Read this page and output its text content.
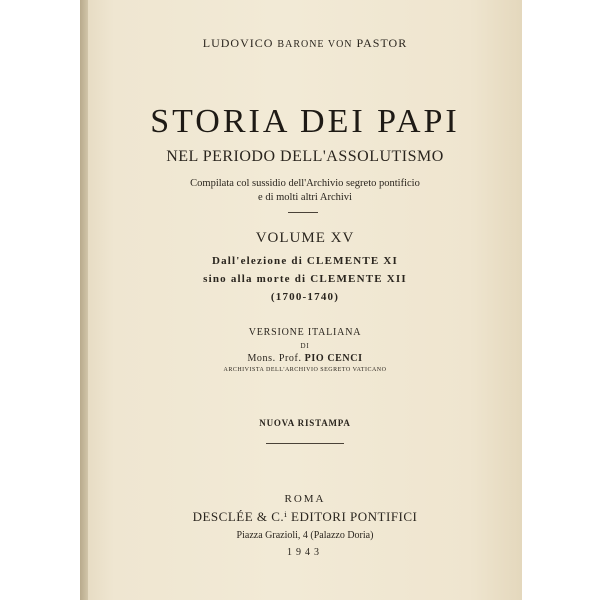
LUDOVICO BARONE VON PASTOR
STORIA DEI PAPI
NEL PERIODO DELL'ASSOLUTISMO
Compilata col sussidio dell'Archivio segreto pontificio
e di molti altri Archivi
VOLUME XV
Dall'elezione di CLEMENTE XI
sino alla morte di CLEMENTE XII
(1700-1740)
VERSIONE ITALIANA
DI
Mons. Prof. PIO CENCI
ARCHIVISTA DELL'ARCHIVIO SEGRETO VATICANO
NUOVA RISTAMPA
ROMA
DESCLÉE & C.ⁱ EDITORI PONTIFICI
Piazza Grazioli, 4 (Palazzo Doria)
1943
